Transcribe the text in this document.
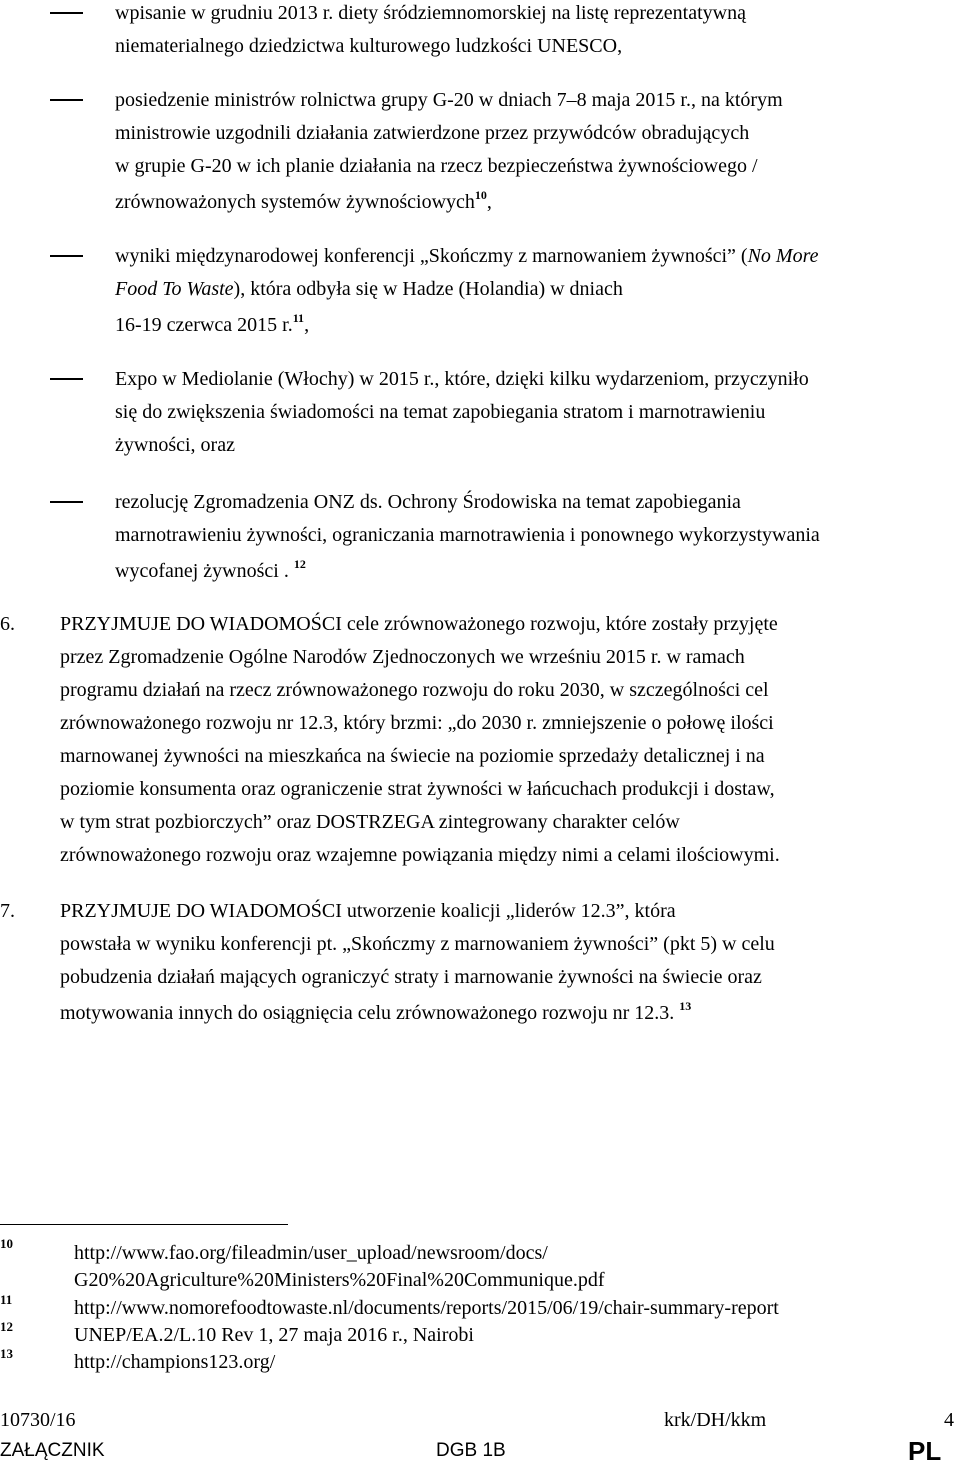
wpisanie w grudniu 2013 r. diety śródziemnomorskiej na listę reprezentatywną
niematerialnego dziedzictwa kulturowego ludzkości UNESCO,
posiedzenie ministrów rolnictwa grupy G-20 w dniach 7–8 maja 2015 r., na którym
ministrowie uzgodnili działania zatwierdzone przez przywódców obradujących
w grupie G-20 w ich planie działania na rzecz bezpieczeństwa żywnościowego /
zrównoważonych systemów żywnościowych$^{10}$,
wyniki międzynarodowej konferencji „Skończmy z marnowaniem żywności” (No More
Food To Waste), która odbyła się w Hadze (Holandia) w dniach
16-19 czerwca 2015 r.$^{11}$,
Expo w Mediolanie (Włochy) w 2015 r., które, dzięki kilku wydarzeniom, przyczyniło
się do zwiększenia świadomości na temat zapobiegania stratom i marnotrawieniu
żywności, oraz
rezolucję Zgromadzenia ONZ ds. Ochrony Środowiska na temat zapobiegania
marnotrawieniu żywności, ograniczania marnotrawienia i ponownego wykorzystywania
wycofanej żywności . $^{12}$
6. PRZYJMUJE DO WIADOMOŚCI cele zrównoważonego rozwoju, które zostały przyjęte
przez Zgromadzenie Ogólne Narodów Zjednoczonych we wrześniu 2015 r. w ramach
programu działań na rzecz zrównoważonego rozwoju do roku 2030, w szczególności cel
zrównoważonego rozwoju nr 12.3, który brzmi: „do 2030 r. zmniejszenie o połowę ilości
marnowanej żywności na mieszkańca na świecie na poziomie sprzedaży detalicznej i na
poziomie konsumenta oraz ograniczenie strat żywności w łańcuchach produkcji i dostaw,
w tym strat pozbiorczych” oraz DOSTRZEGA zintegrowany charakter celów
zrównoważonego rozwoju oraz wzajemne powiązania między nimi a celami ilościowymi.
7. PRZYJMUJE DO WIADOMOŚCI utworzenie koalicji „liderów 12.3”, która
powstała w wyniku konferencji pt. „Skończmy z marnowaniem żywności” (pkt 5) w celu
pobudzenia działań mających ograniczyć straty i marnowanie żywności na świecie oraz
motywowania innych do osiągnięcia celu zrównoważonego rozwoju nr 12.3. $^{13}$
10	http://www.fao.org/fileadmin/user_upload/newsroom/docs/
G20%20Agriculture%20Ministers%20Final%20Communique.pdf
11	http://www.nomorefoodtowaste.nl/documents/reports/2015/06/19/chair-summary-report
12	UNEP/EA.2/L.10 Rev 1, 27 maja 2016 r., Nairobi
13	http://champions123.org/
10730/16	krk/DH/kkm	4
ZAŁĄCZNIK	DGB 1B	PL
